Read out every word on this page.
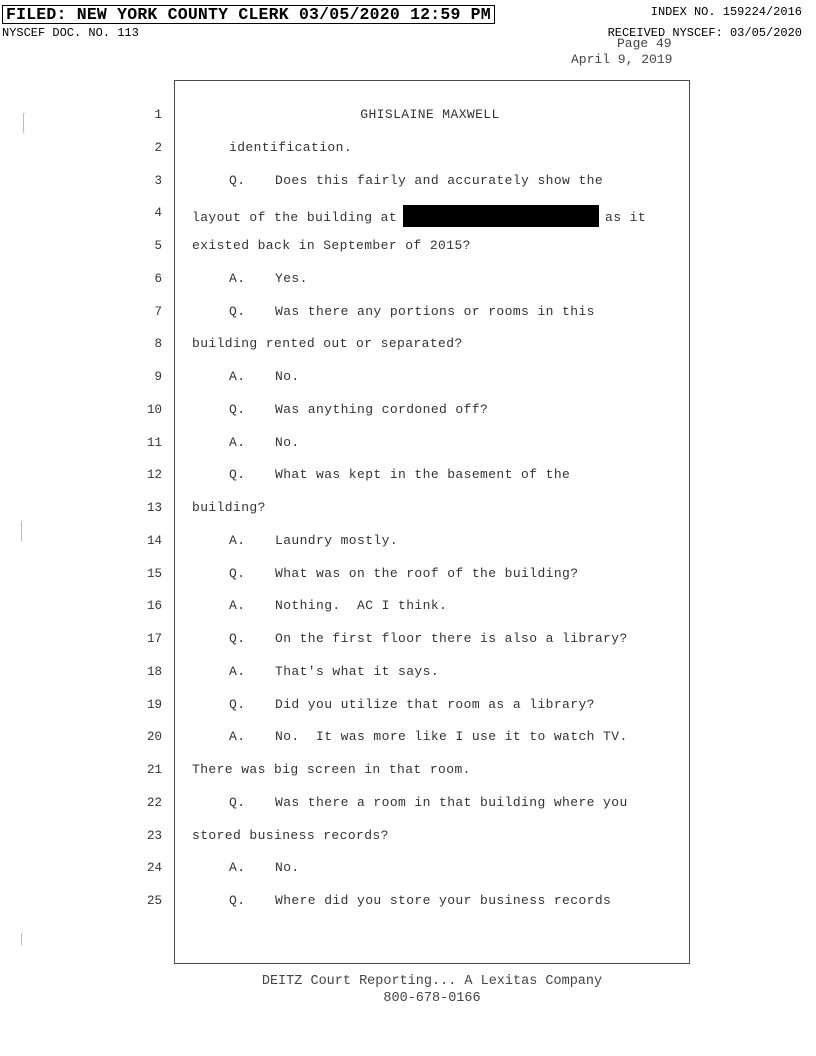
FILED: NEW YORK COUNTY CLERK 03/05/2020 12:59 PM	INDEX NO. 159224/2016
NYSCEF DOC. NO. 113	RECEIVED NYSCEF: 03/05/2020
Page 49
April 9, 2019
1	GHISLAINE MAXWELL
2	identification.
3	Q. Does this fairly and accurately show the
4 layout of the building at	as it
5 existed back in September of 2015?
6	A. Yes.
7	Q. Was there any portions or rooms in this
8 building rented out or separated?
9	A. No.
10	Q. Was anything cordoned off?
11	A. No.
12	Q. What was kept in the basement of the
13 building?
14	A. Laundry mostly.
15	Q. What was on the roof of the building?
16	A. Nothing.  AC I think.
17	Q. On the first floor there is also a library?
18	A. That's what it says.
19	Q. Did you utilize that room as a library?
20	A. No.  It was more like I use it to watch TV.
21 There was big screen in that room.
22	Q. Was there a room in that building where you
23 stored business records?
24	A. No.
25	Q. Where did you store your business records
DEITZ Court Reporting... A Lexitas Company
800-678-0166
